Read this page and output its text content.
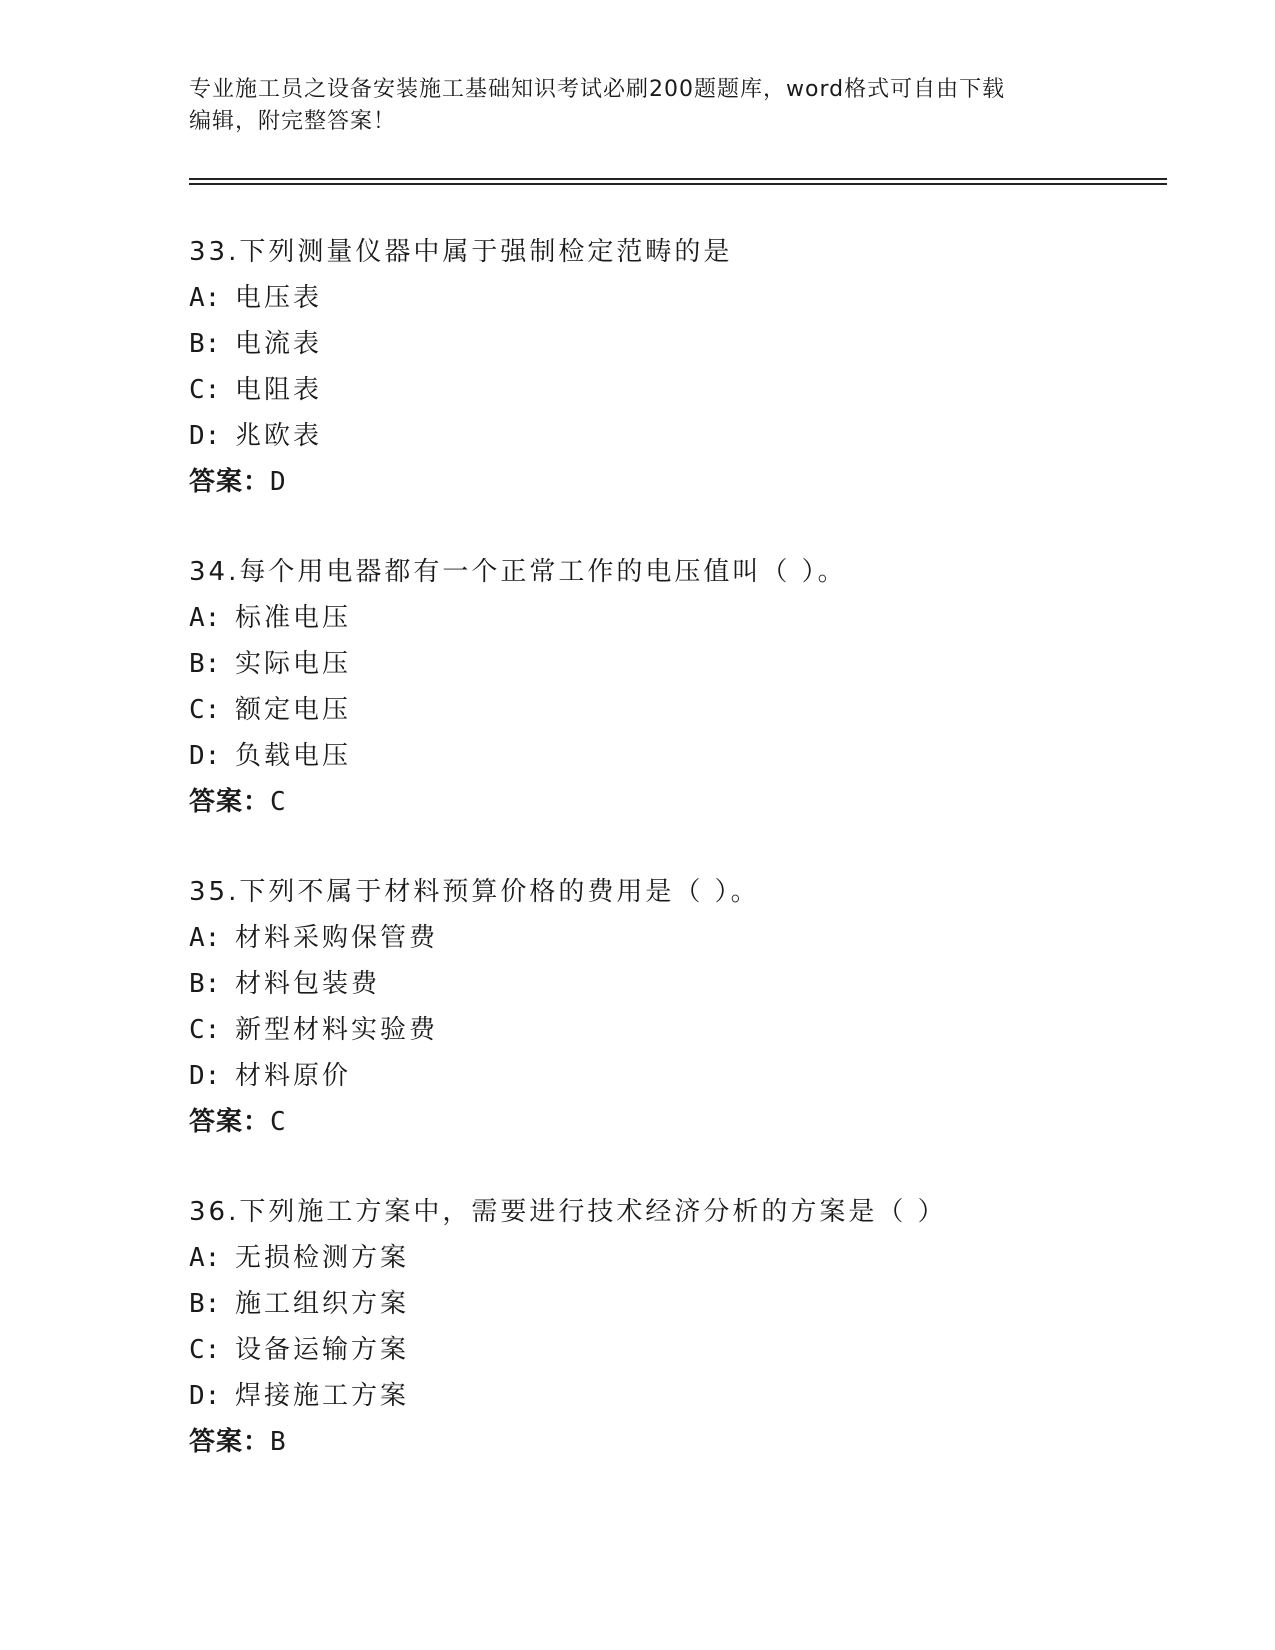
专业施工员之设备安装施工基础知识考试必刷200题题库，word格式可自由下载
编辑，附完整答案！
33.下列测量仪器中属于强制检定范畴的是
A: 电压表
B: 电流表
C: 电阻表
D: 兆欧表
答案：D
34.每个用电器都有一个正常工作的电压值叫（ ）。
A: 标准电压
B: 实际电压
C: 额定电压
D: 负载电压
答案：C
35.下列不属于材料预算价格的费用是（ ）。
A: 材料采购保管费
B: 材料包装费
C: 新型材料实验费
D: 材料原价
答案：C
36.下列施工方案中，需要进行技术经济分析的方案是（ ）
A: 无损检测方案
B: 施工组织方案
C: 设备运输方案
D: 焊接施工方案
答案：B
